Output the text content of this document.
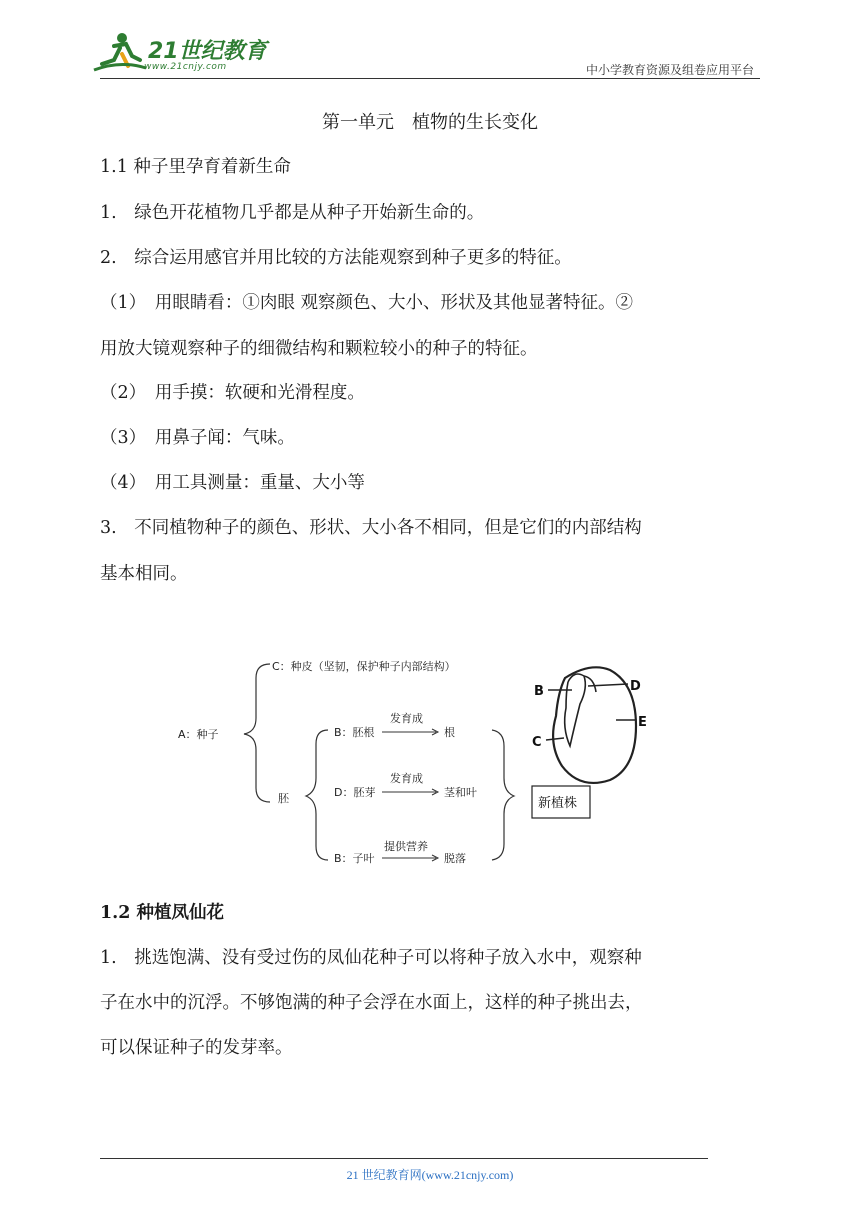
21世纪教育
www.21cnjy.com	中小学教育资源及组卷应用平台
第一单元　植物的生长变化
1.1 种子里孕育着新生命
1.　绿色开花植物几乎都是从种子开始新生命的。
2.　综合运用感官并用比较的方法能观察到种子更多的特征。
（1）　用眼睛看：①肉眼 观察颜色、大小、形状及其他显著特征。②
用放大镜观察种子的细微结构和颗粒较小的种子的特征。
（2）　用手摸：软硬和光滑程度。
（3）　用鼻子闻：气味。
（4）　用工具测量：重量、大小等
3.　不同植物种子的颜色、形状、大小各不相同，但是它们的内部结构
基本相同。
A：种子
C：种皮（坚韧，保护种子内部结构）
胚
B：胚根
发育成
根
D：胚芽
发育成
茎和叶
B：子叶
提供营养
脱落
新植株
B	D
E
C
1.2 种植凤仙花
1.　挑选饱满、没有受过伤的凤仙花种子可以将种子放入水中，观察种
子在水中的沉浮。不够饱满的种子会浮在水面上，这样的种子挑出去，
可以保证种子的发芽率。
21 世纪教育网(www.21cnjy.com)
